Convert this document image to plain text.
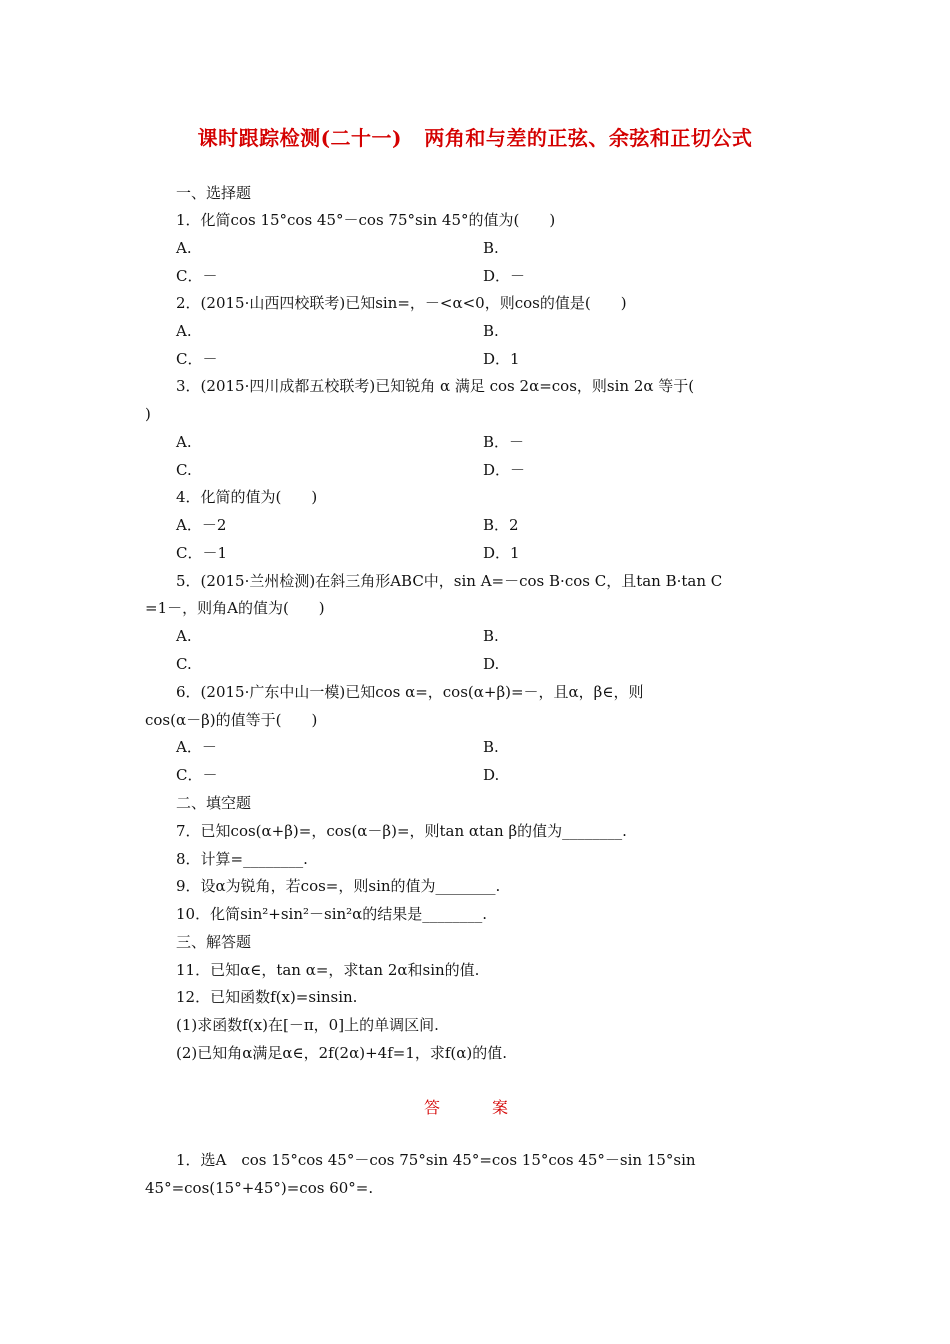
课时跟踪检测(二十一)   两角和与差的正弦、余弦和正切公式
一、选择题
1．化简cos 15°cos 45°－cos 75°sin 45°的值为(　　)
A.	B.
C．－	D．－
2．(2015·山西四校联考)已知sin=，－<α<0，则cos的值是(　　)
A.	B.
C．－	D．1
3．(2015·四川成都五校联考)已知锐角 α 满足 cos 2α=cos，则sin 2α 等于(
)
A.	B．－
C.	D．－
4．化简的值为(　　)
A．－2	B．2
C．－1	D．1
5．(2015·兰州检测)在斜三角形ABC中，sin A=－cos B·cos C，且tan B·tan C
=1－，则角A的值为(　　)
A.	B.
C.	D.
6．(2015·广东中山一模)已知cos α=，cos(α+β)=－，且α，β∈，则
cos(α－β)的值等于(　　)
A．－	B.
C．－	D.
二、填空题
7．已知cos(α+β)=，cos(α－β)=，则tan αtan β的值为________.
8．计算=________.
9．设α为锐角，若cos=，则sin的值为________.
10．化简sin²+sin²－sin²α的结果是________.
三、解答题
11．已知α∈，tan α=，求tan 2α和sin的值.
12．已知函数f(x)=sinsin.
(1)求函数f(x)在[－π，0]上的单调区间.
(2)已知角α满足α∈，2f(2α)+4f=1，求f(α)的值.
答　案
1．选A　cos 15°cos 45°－cos 75°sin 45°=cos 15°cos 45°－sin 15°sin
45°=cos(15°+45°)=cos 60°=.
